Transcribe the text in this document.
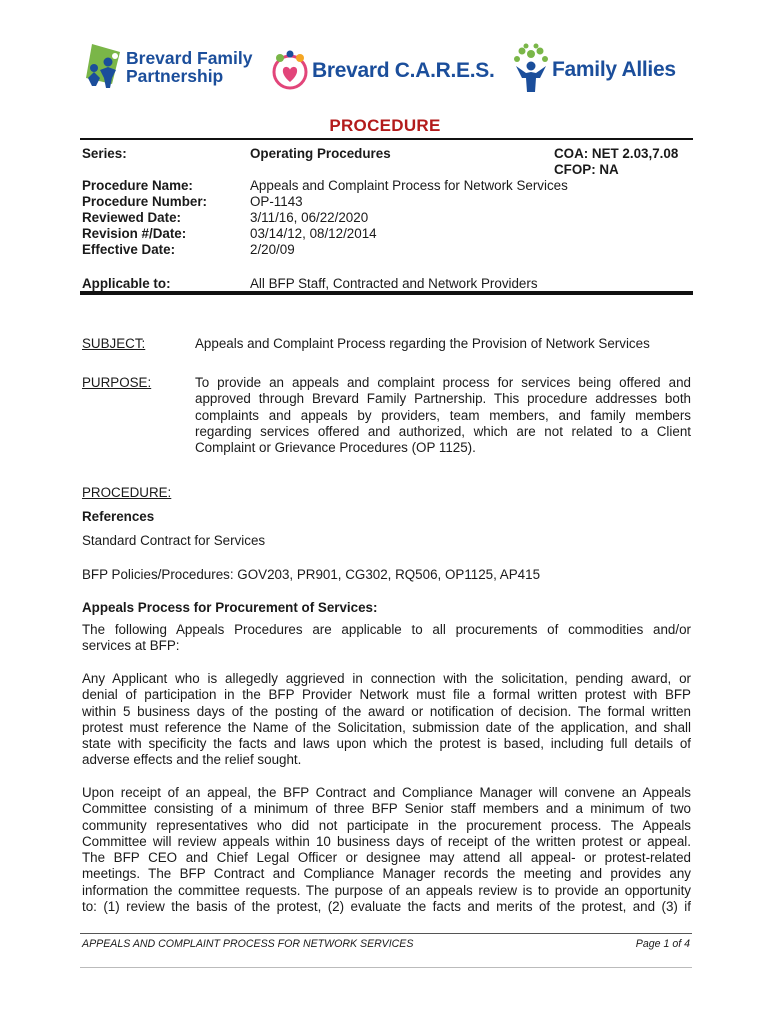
Brevard Family
Partnership	Brevard C.A.R.E.S.	Family Allies
PROCEDURE
Series:	Operating Procedures	COA: NET 2.03,7.08
CFOP: NA
Procedure Name:	Appeals and Complaint Process for Network Services
Procedure Number:	OP-1143
Reviewed Date:	3/11/16, 06/22/2020
Revision #/Date:	03/14/12, 08/12/2014
Effective Date:	2/20/09
Applicable to:	All BFP Staff, Contracted and Network Providers
SUBJECT:	Appeals and Complaint Process regarding the Provision of Network Services
PURPOSE:	To provide an appeals and complaint process for services being offered and
approved through Brevard Family Partnership. This procedure addresses both
complaints and appeals by providers, team members, and family members
regarding services offered and authorized, which are not related to a Client
Complaint or Grievance Procedures (OP 1125).
PROCEDURE:
References
Standard Contract for Services
BFP Policies/Procedures: GOV203, PR901, CG302, RQ506, OP1125, AP415
Appeals Process for Procurement of Services:
The following Appeals Procedures are applicable to all procurements of commodities and/or
services at BFP:
Any Applicant who is allegedly aggrieved in connection with the solicitation, pending award, or
denial of participation in the BFP Provider Network must file a formal written protest with BFP
within 5 business days of the posting of the award or notification of decision. The formal written
protest must reference the Name of the Solicitation, submission date of the application, and shall
state with specificity the facts and laws upon which the protest is based, including full details of
adverse effects and the relief sought.
Upon receipt of an appeal, the BFP Contract and Compliance Manager will convene an Appeals
Committee consisting of a minimum of three BFP Senior staff members and a minimum of two
community representatives who did not participate in the procurement process. The Appeals
Committee will review appeals within 10 business days of receipt of the written protest or appeal.
The BFP CEO and Chief Legal Officer or designee may attend all appeal- or protest-related
meetings. The BFP Contract and Compliance Manager records the meeting and provides any
information the committee requests. The purpose of an appeals review is to provide an opportunity
to: (1) review the basis of the protest, (2) evaluate the facts and merits of the protest, and (3) if
APPEALS AND COMPLAINT PROCESS FOR NETWORK SERVICES	Page 1 of 4
